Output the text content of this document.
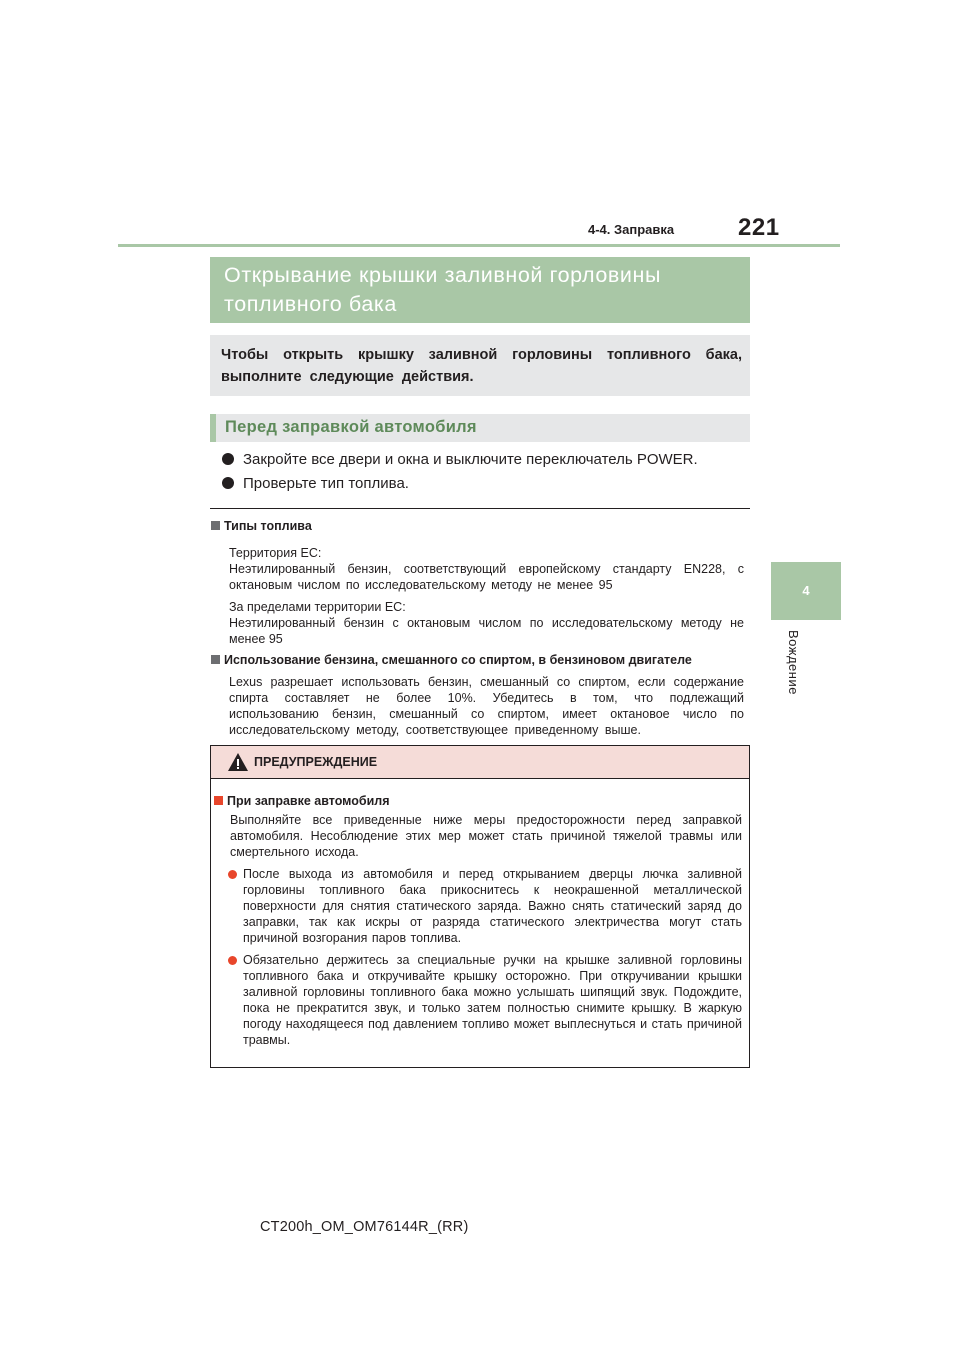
221
4-4. Заправка
4
Вождение
Открывание крышки заливной горловины топливного бака
Чтобы открыть крышку заливной горловины топливного бака, выполните следующие действия.
Перед заправкой автомобиля
Закройте все двери и окна и выключите переключатель POWER.
Проверьте тип топлива.
Типы топлива
Территория ЕС:
Неэтилированный бензин, соответствующий европейскому стандарту EN228, с октановым числом по исследовательскому методу не менее 95
За пределами территории ЕС:
Неэтилированный бензин с октановым числом по исследовательскому методу не менее 95
Использование бензина, смешанного со спиртом, в бензиновом двигателе
Lexus разрешает использовать бензин, смешанный со спиртом, если содержание спирта составляет не более 10%. Убедитесь в том, что подлежащий использованию бензин, смешанный со спиртом, имеет октановое число по исследовательскому методу, соответствующее приведенному выше.
ПРЕДУПРЕЖДЕНИЕ
При заправке автомобиля
Выполняйте все приведенные ниже меры предосторожности перед заправкой автомобиля. Несоблюдение этих мер может стать причиной тяжелой травмы или смертельного исхода.
После выхода из автомобиля и перед открыванием дверцы лючка заливной горловины топливного бака прикоснитесь к неокрашенной металлической поверхности для снятия статического заряда. Важно снять статический заряд до заправки, так как искры от разряда статического электричества могут стать причиной возгорания паров топлива.
Обязательно держитесь за специальные ручки на крышке заливной горловины топливного бака и откручивайте крышку осторожно. При откручивании крышки заливной горловины топливного бака можно услышать шипящий звук. Подождите, пока не прекратится звук, и только затем полностью снимите крышку. В жаркую погоду находящееся под давлением топливо может выплеснуться и стать причиной травмы.
CT200h_OM_OM76144R_(RR)
